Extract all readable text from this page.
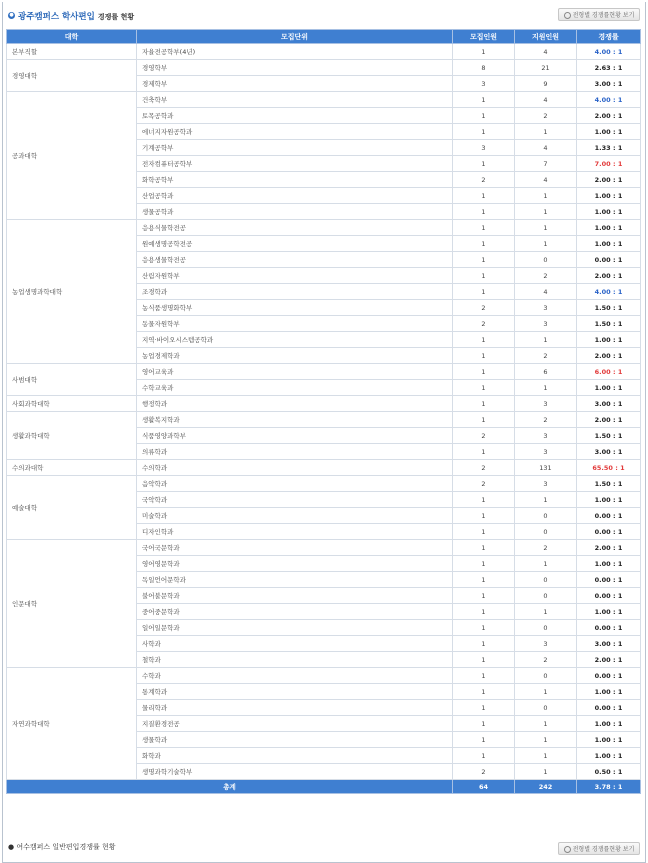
● 광주캠퍼스 학사편입 경쟁률 현황	전형별 경쟁률현황 보기
대학	모집단위	모집인원	지원인원	경쟁률
본부직할	자율전공학부(4년)	1	4	4.00 : 1
경영대학	경영학부	8	21	2.63 : 1
	경제학부	3	9	3.00 : 1
공과대학	건축학부	1	4	4.00 : 1
	토목공학과	1	2	2.00 : 1
	에너지자원공학과	1	1	1.00 : 1
	기계공학부	3	4	1.33 : 1
	전자컴퓨터공학부	1	7	7.00 : 1
	화학공학부	2	4	2.00 : 1
	산업공학과	1	1	1.00 : 1
	생물공학과	1	1	1.00 : 1
농업생명과학대학	응용식물학전공	1	1	1.00 : 1
	원예생명공학전공	1	1	1.00 : 1
	응용생물학전공	1	0	0.00 : 1
	산림자원학부	1	2	2.00 : 1
	조경학과	1	4	4.00 : 1
	농식품생명화학부	2	3	1.50 : 1
	동물자원학부	2	3	1.50 : 1
	지역·바이오시스템공학과	1	1	1.00 : 1
	농업경제학과	1	2	2.00 : 1
사범대학	영어교육과	1	6	6.00 : 1
	수학교육과	1	1	1.00 : 1
사회과학대학	행정학과	1	3	3.00 : 1
생활과학대학	생활복지학과	1	2	2.00 : 1
	식품영양과학부	2	3	1.50 : 1
	의류학과	1	3	3.00 : 1
수의과대학	수의학과	2	131	65.50 : 1
예술대학	음악학과	2	3	1.50 : 1
	국악학과	1	1	1.00 : 1
	미술학과	1	0	0.00 : 1
	디자인학과	1	0	0.00 : 1
인문대학	국어국문학과	1	2	2.00 : 1
	영어영문학과	1	1	1.00 : 1
	독일언어문학과	1	0	0.00 : 1
	불어불문학과	1	0	0.00 : 1
	중어중문학과	1	1	1.00 : 1
	일어일문학과	1	0	0.00 : 1
	사학과	1	3	3.00 : 1
	철학과	1	2	2.00 : 1
자연과학대학	수학과	1	0	0.00 : 1
	통계학과	1	1	1.00 : 1
	물리학과	1	0	0.00 : 1
	지질환경전공	1	1	1.00 : 1
	생물학과	1	1	1.00 : 1
	화학과	1	1	1.00 : 1
	생명과학기술학부	2	1	0.50 : 1
총계		64	242	3.78 : 1
● 여수캠퍼스 일반편입경쟁률 현황	전형별 경쟁률현황 보기
